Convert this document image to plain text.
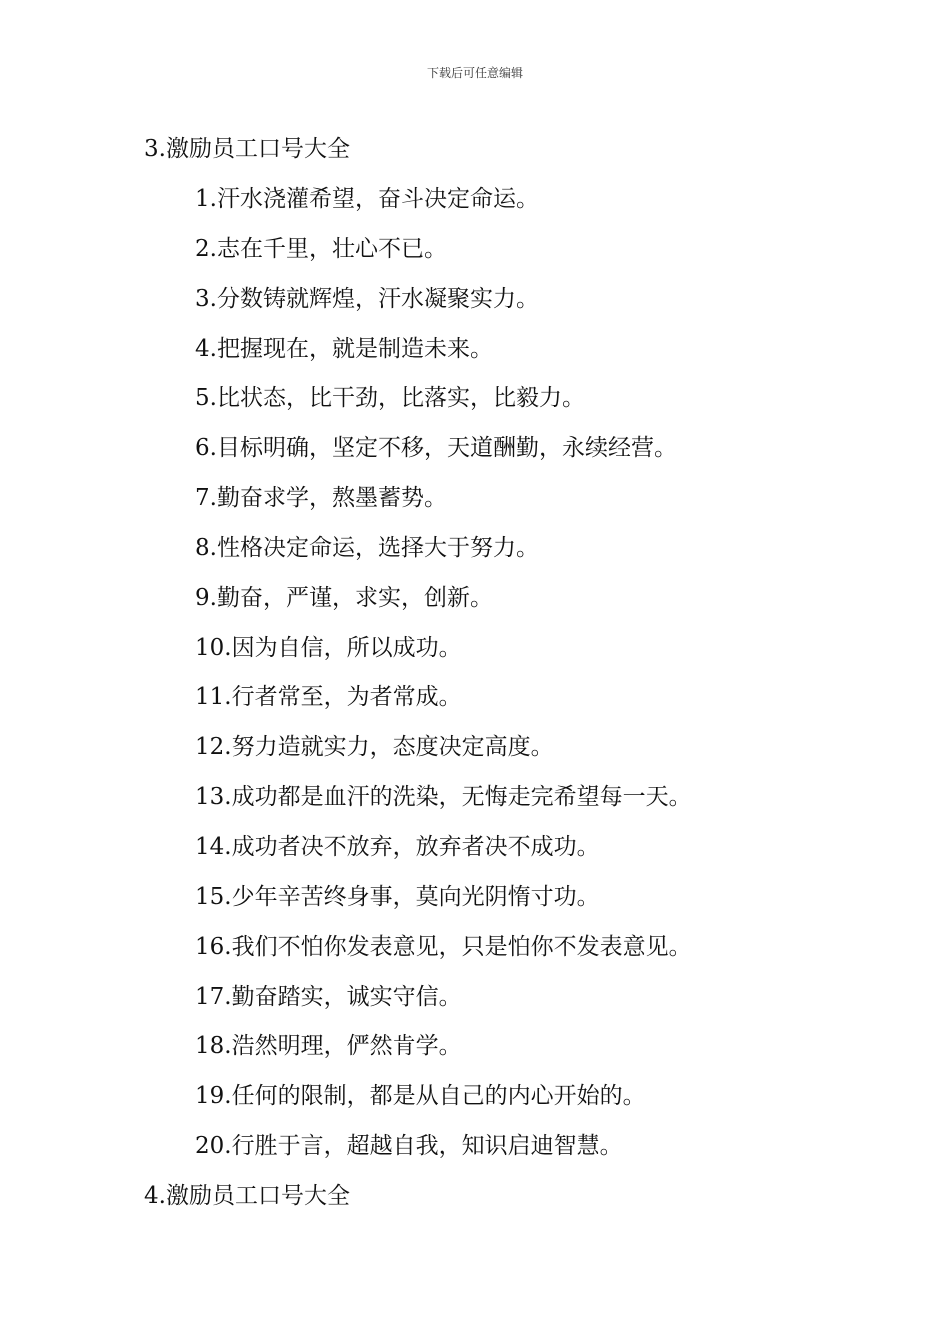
下载后可任意编辑
3.激励员工口号大全
1.汗水浇灌希望，奋斗决定命运。
2.志在千里，壮心不已。
3.分数铸就辉煌，汗水凝聚实力。
4.把握现在，就是制造未来。
5.比状态，比干劲，比落实，比毅力。
6.目标明确，坚定不移，天道酬勤，永续经营。
7.勤奋求学，熬墨蓄势。
8.性格决定命运，选择大于努力。
9.勤奋，严谨，求实，创新。
10.因为自信，所以成功。
11.行者常至，为者常成。
12.努力造就实力，态度决定高度。
13.成功都是血汗的洗染，无悔走完希望每一天。
14.成功者决不放弃，放弃者决不成功。
15.少年辛苦终身事，莫向光阴惰寸功。
16.我们不怕你发表意见，只是怕你不发表意见。
17.勤奋踏实，诚实守信。
18.浩然明理，俨然肯学。
19.任何的限制，都是从自己的内心开始的。
20.行胜于言，超越自我，知识启迪智慧。
4.激励员工口号大全
